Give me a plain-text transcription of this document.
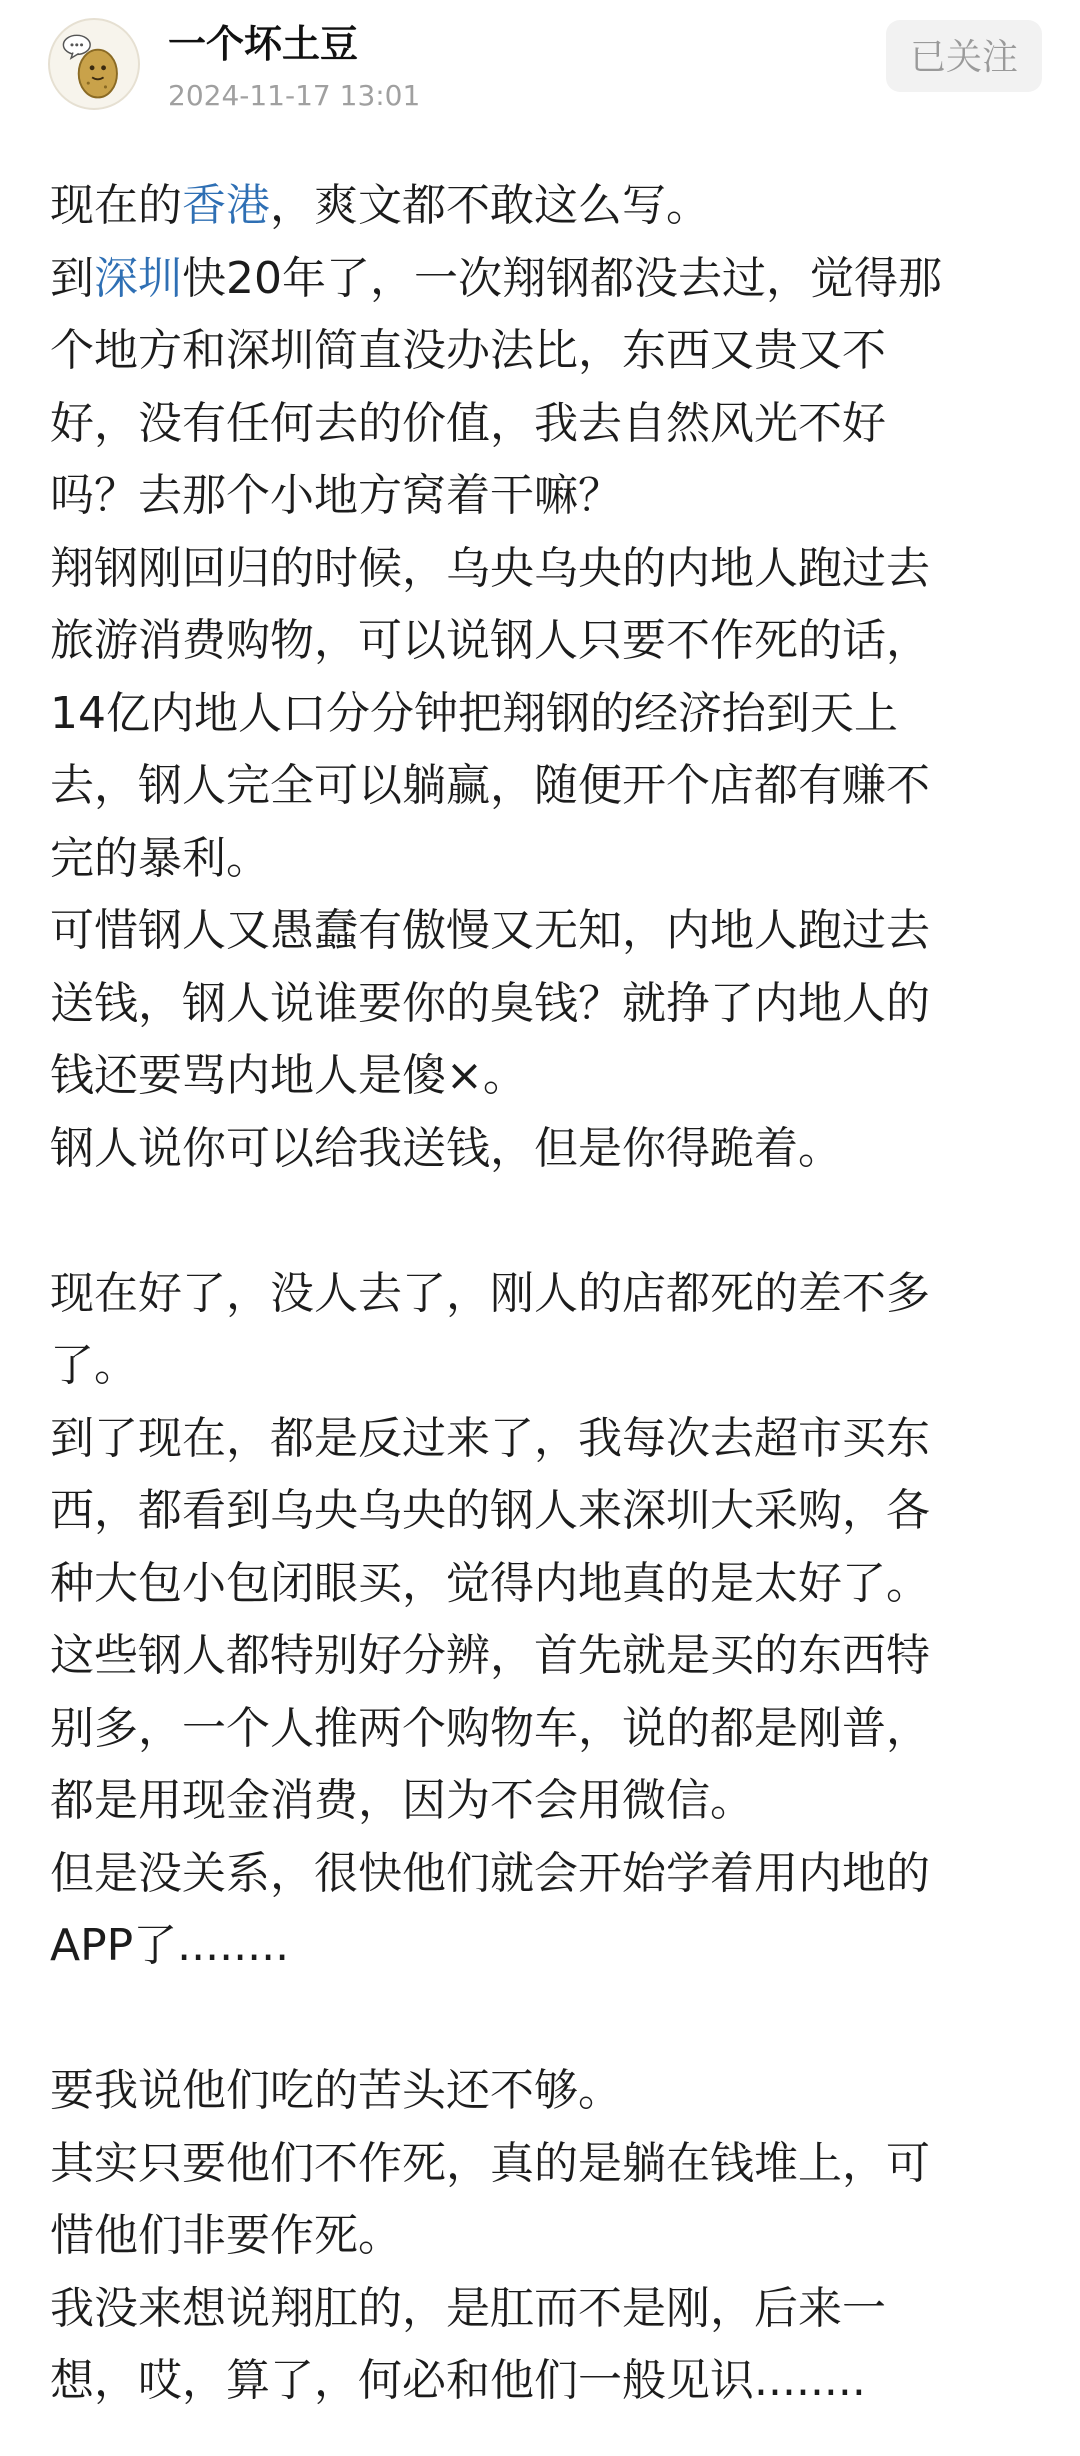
一个坏土豆
2024-11-17 13:01
已关注
现在的香港，爽文都不敢这么写。
到深圳快20年了，一次翔钢都没去过，觉得那
个地方和深圳简直没办法比，东西又贵又不
好，没有任何去的价值，我去自然风光不好
吗？去那个小地方窝着干嘛？
翔钢刚回归的时候，乌央乌央的内地人跑过去
旅游消费购物，可以说钢人只要不作死的话，
14亿内地人口分分钟把翔钢的经济抬到天上
去，钢人完全可以躺赢，随便开个店都有赚不
完的暴利。
可惜钢人又愚蠢有傲慢又无知，内地人跑过去
送钱，钢人说谁要你的臭钱？就挣了内地人的
钱还要骂内地人是傻×。
钢人说你可以给我送钱，但是你得跪着。
现在好了，没人去了，刚人的店都死的差不多
了。
到了现在，都是反过来了，我每次去超市买东
西，都看到乌央乌央的钢人来深圳大采购，各
种大包小包闭眼买，觉得内地真的是太好了。
这些钢人都特别好分辨，首先就是买的东西特
别多，一个人推两个购物车，说的都是刚普，
都是用现金消费，因为不会用微信。
但是没关系，很快他们就会开始学着用内地的
APP了........
要我说他们吃的苦头还不够。
其实只要他们不作死，真的是躺在钱堆上，可
惜他们非要作死。
我没来想说翔肛的，是肛而不是刚，后来一
想，哎，算了，何必和他们一般见识........
